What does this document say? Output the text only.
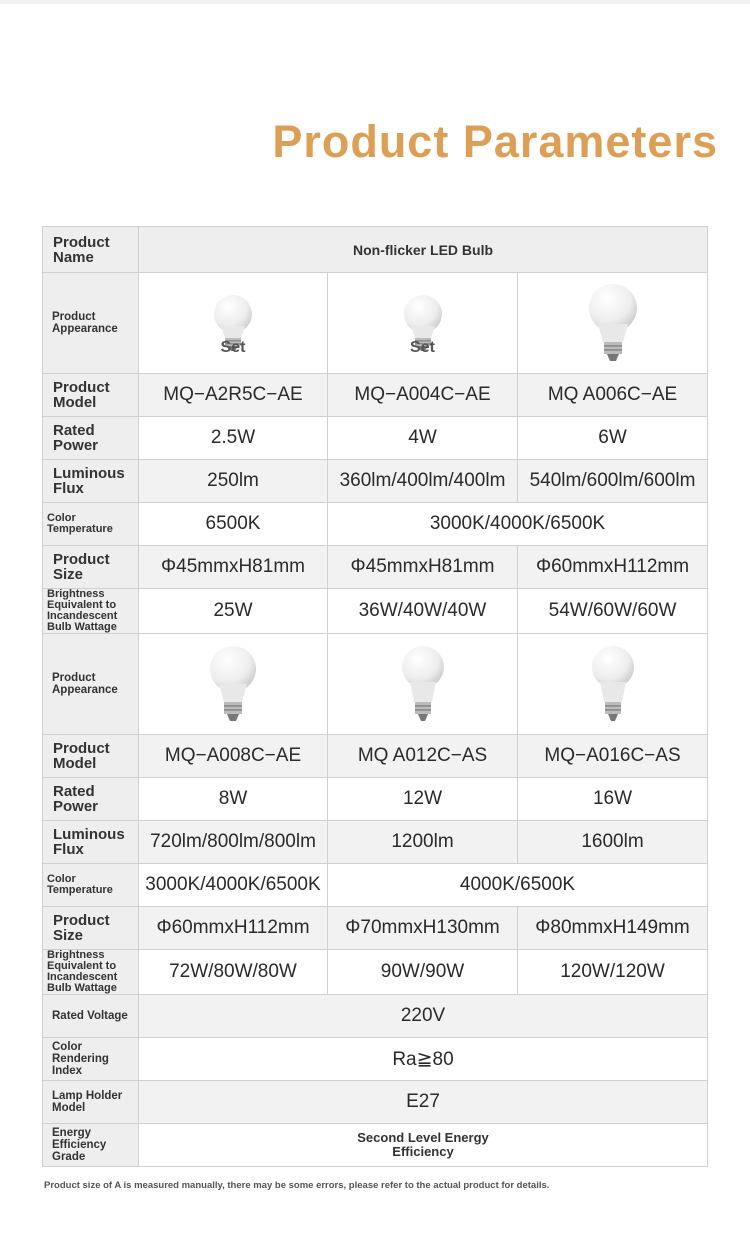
Product Parameters
Product Name	Non-flicker LED Bulb		
Product Appearance	Set	Set

Product Model	MQ−A2R5C−AE	MQ−A004C−AE	MQ A006C−AE
Rated Power	2.5W	4W	6W
Luminous Flux	250lm	360lm/400lm/400lm	540lm/600lm/600lm
Color Temperature	6500K	3000K/4000K/6500K	
Product Size	Φ45mmxH81mm	Φ45mmxH81mm	Φ60mmxH112mm
Brightness Equivalent to Incandescent Bulb Wattage	25W	36W/40W/40W	54W/60W/60W
Product Appearance			
Product Model	MQ−A008C−AE	MQ A012C−AS	MQ−A016C−AS
Rated Power	8W	12W	16W
Luminous Flux	720lm/800lm/800lm	1200lm	1600lm
Color Temperature	3000K/4000K/6500K	4000K/6500K	
Product Size	Φ60mmxH112mm	Φ70mmxH130mm	Φ80mmxH149mm
Brightness Equivalent to Incandescent Bulb Wattage	72W/80W/80W	90W/90W	120W/120W
Rated Voltage	220V		
Color Rendering Index	Ra≧80		
Lamp Holder Model	E27		
Energy Efficiency Grade	Second Level Energy Efficiency		
Product size of A is measured manually, there may be some errors, please refer to the actual product for details.
